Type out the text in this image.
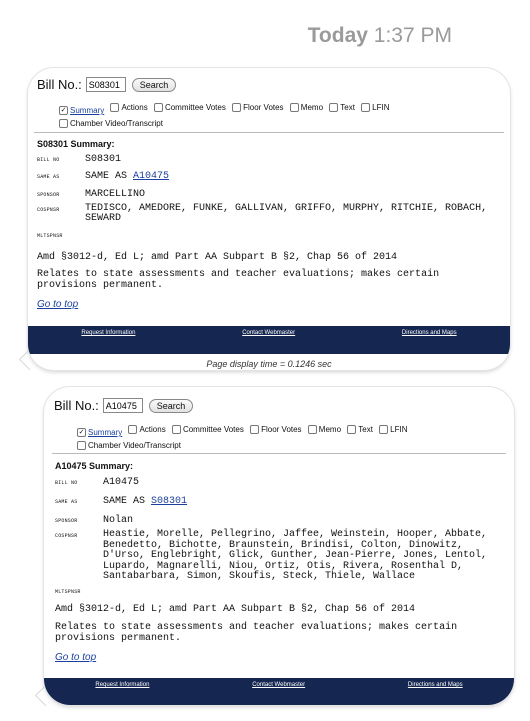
Today 1:37 PM
Bill No.:
S08301	Search
✓ Summary
Actions
Committee Votes
Floor Votes
Memo
Text
LFIN

Chamber Video/Transcript
S08301 Summary:
BILL NO	S08301
SAME AS	SAME AS A10475
SPONSOR	MARCELLINO
COSPNSR	TEDISCO, AMEDORE, FUNKE, GALLIVAN, GRIFFO, MURPHY, RITCHIE, ROBACH,
SEWARD
MLTSPNSR
Amd §3012-d, Ed L; amd Part AA Subpart B §2, Chap 56 of 2014
Relates to state assessments and teacher evaluations; makes certain
provisions permanent.
Go to top
Request Information	Contact Webmaster	Directions and Maps
Page display time = 0.1246 sec
Bill No.:
A10475	Search
✓ Summary
Actions
Committee Votes
Floor Votes
Memo
Text
LFIN

Chamber Video/Transcript
A10475 Summary:
BILL NO	A10475
SAME AS	SAME AS S08301
SPONSOR	Nolan
COSPNSR	Heastie, Morelle, Pellegrino, Jaffee, Weinstein, Hooper, Abbate,
Benedetto, Bichotte, Braunstein, Brindisi, Colton, Dinowitz,
D'Urso, Englebright, Glick, Gunther, Jean-Pierre, Jones, Lentol,
Lupardo, Magnarelli, Niou, Ortiz, Otis, Rivera, Rosenthal D,
Santabarbara, Simon, Skoufis, Steck, Thiele, Wallace
MLTSPNSR
Amd §3012-d, Ed L; amd Part AA Subpart B §2, Chap 56 of 2014
Relates to state assessments and teacher evaluations; makes certain
provisions permanent.
Go to top
Request Information	Contact Webmaster	Directions and Maps
